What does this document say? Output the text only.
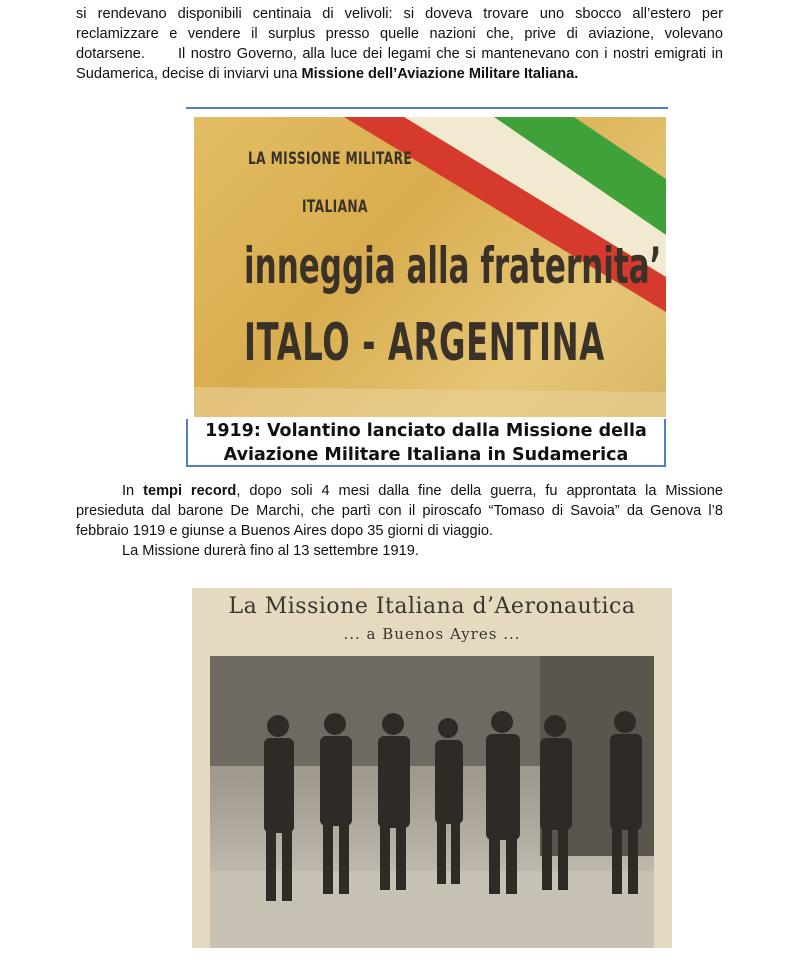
si rendevano disponibili centinaia di velivoli: si doveva trovare uno sbocco all’estero per reclamizzare e vendere il surplus presso quelle nazioni che, prive di aviazione, volevano dotarsene.      Il nostro Governo, alla luce dei legami che si mantenevano con i nostri emigrati in Sudamerica, decise di inviarvi una Missione dell’Aviazione Militare Italiana.

LA MISSIONE MILITARE
ITALIANA
inneggia alla fraternita’
ITALO - ARGENTINA
1919: Volantino lanciato dalla Missione della
Aviazione Militare Italiana in Sudamerica

In tempi record, dopo soli 4 mesi dalla fine della guerra, fu approntata la Missione presieduta dal barone De Marchi, che partì con il piroscafo “Tomaso di Savoia” da Genova l’8 febbraio 1919 e giunse a Buenos Aires dopo 35 giorni di viaggio.

La Missione durerà fino al 13 settembre 1919.

La Missione Italiana d’Aeronautica
... a Buenos Ayres ...
